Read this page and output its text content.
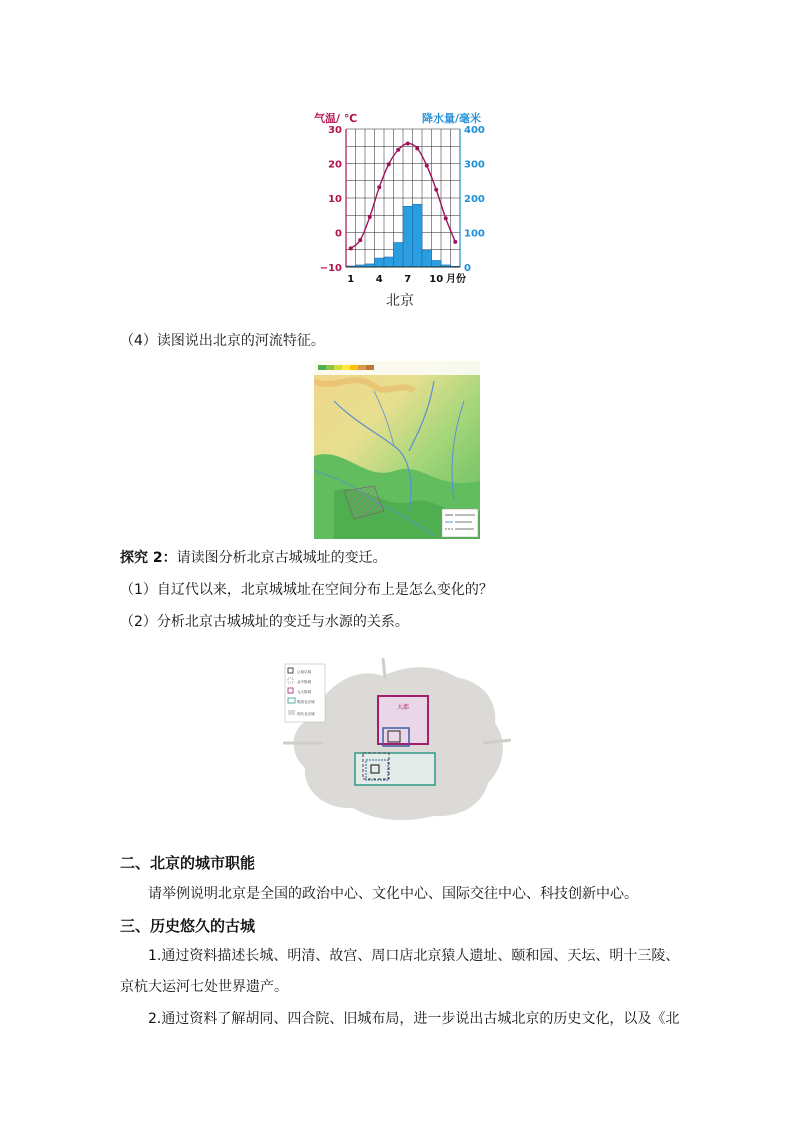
气温/ ℃	降水量/毫米
30
20
10
0
−10
400
300
200
100
0
1 4 7 10 月份
北京
（4）读图说出北京的河流特征。
探究 2：请读图分析北京古城城址的变迁。
（1）自辽代以来，北京城城址在空间分布上是怎么变化的？
（2）分析北京古城城址的变迁与水源的关系。
大都
辽南京城
金中都城
元大都城
明清北京城
现代北京城
二、北京的城市职能
请举例说明北京是全国的政治中心、文化中心、国际交往中心、科技创新中心。
三、历史悠久的古城
1.通过资料描述长城、明清、故宫、周口店北京猿人遗址、颐和园、天坛、明十三陵、
京杭大运河七处世界遗产。
2.通过资料了解胡同、四合院、旧城布局，进一步说出古城北京的历史文化，以及《北
